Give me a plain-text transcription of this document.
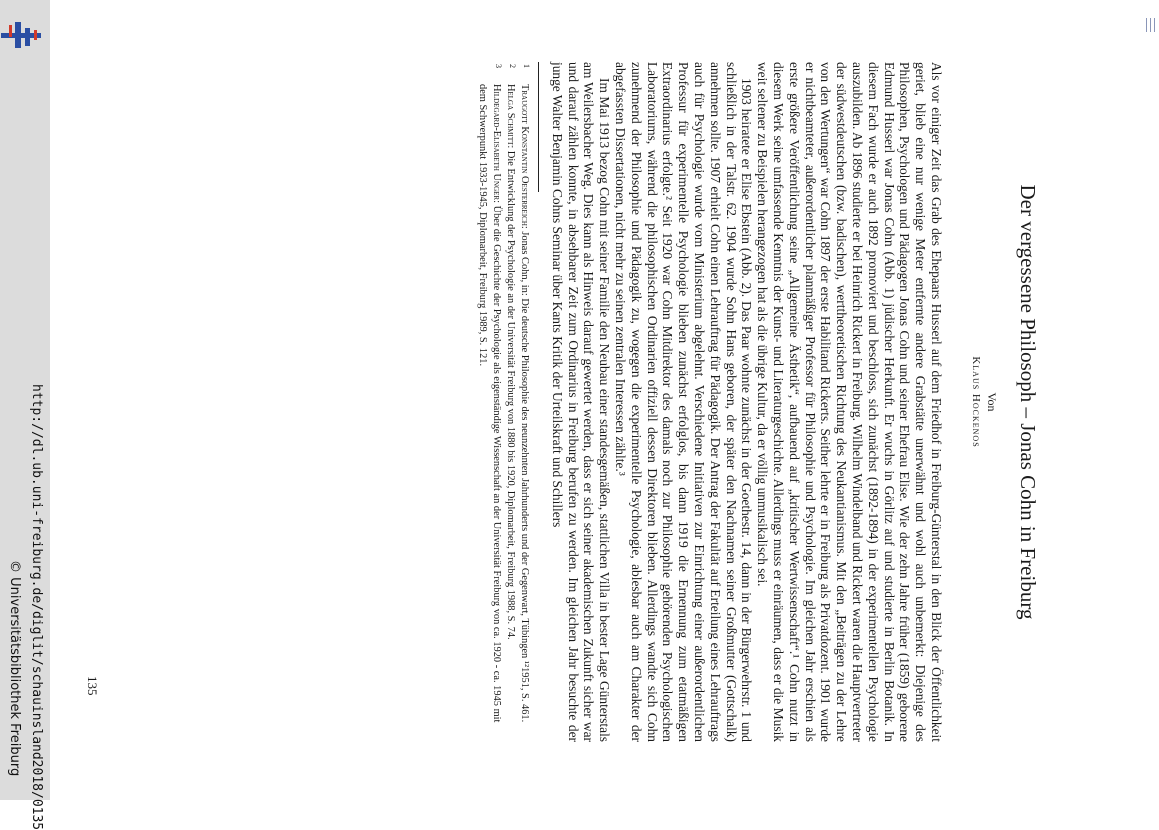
http://dl.ub.uni-freiburg.de/diglit/schauinsland2018/0135
© Universitätsbibliothek Freiburg
Der vergessene Philosoph – Jonas Cohn in Freiburg
Von
Klaus Hockenos

Als vor einiger Zeit das Grab des Ehepaars Husserl auf dem Friedhof in Freiburg-Günterstal in den Blick der Öffentlichkeit geriet, blieb eine nur wenige Meter entfernte andere Grabstätte unerwähnt und wohl auch unbemerkt: Diejenige des Philosophen, Psychologen und Pädagogen Jonas Cohn und seiner Ehefrau Elise. Wie der zehn Jahre früher (1859) geborene Edmund Husserl war Jonas Cohn (Abb. 1) jüdischer Herkunft. Er wuchs in Görlitz auf und studierte in Berlin Botanik. In diesem Fach wurde er auch 1892 promoviert und beschloss, sich zunächst (1892-1894) in der experimentellen Psychologie auszubilden. Ab 1896 studierte er bei Heinrich Rickert in Freiburg. Wilhelm Windelband und Rickert waren die Hauptvertreter der südwestdeutschen (bzw. badischen), werttheoretischen Richtung des Neukantianismus. Mit den „Beiträgen zu der Lehre von den Wertungen“ war Cohn 1897 der erste Habilitand Rickerts. Seither lehrte er in Freiburg als Privatdozent. 1901 wurde er nichtbeamteter, außerordentlicher planmäßiger Professor für Philosophie und Psychologie. Im gleichen Jahr erschien als erste größere Veröffentlichung seine „Allgemeine Ästhetik“, aufbauend auf „kritischer Wertwissenschaft“.¹ Cohn nutzt in diesem Werk seine umfassende Kenntnis der Kunst- und Literaturgeschichte. Allerdings muss er einräumen, dass er die Musik weit seltener zu Beispielen herangezogen hat als die übrige Kultur, da er völlig unmusikalisch sei.

1903 heiratete er Elise Ebstein (Abb. 2). Das Paar wohnte zunächst in der Goethestr. 14, dann in der Bürgerwehrstr. 1 und schließlich in der Talstr. 62. 1904 wurde Sohn Hans geboren, der später den Nachnamen seiner Großmutter (Gottschalk) annehmen sollte. 1907 erhielt Cohn einen Lehrauftrag für Pädagogik. Der Antrag der Fakultät auf Erteilung eines Lehrauftrags auch für Psychologie wurde vom Ministerium abgelehnt. Verschiedene Initiativen zur Einrichtung einer außerordentlichen Professur für experimentelle Psychologie blieben zunächst erfolglos, bis dann 1919 die Ernennung zum etatmäßigen Extraordinarius erfolgte.² Seit 1920 war Cohn Mitdirektor des damals noch zur Philosophie gehörenden Psychologischen Laboratoriums, während die philosophischen Ordinarien offiziell dessen Direktoren blieben. Allerdings wandte sich Cohn zunehmend der Philosophie und Pädagogik zu, wogegen die experimentelle Psychologie, ablesbar auch am Charakter der abgefassten Dissertationen, nicht mehr zu seinen zentralen Interessen zählte.³

Im Mai 1913 bezog Cohn mit seiner Familie den Neubau einer standesgemäßen, stattlichen Villa in bester Lage Günterstals am Weilersbacher Weg. Dies kann als Hinweis darauf gewertet werden, dass er sich seiner akademischen Zukunft sicher war und darauf zählen konnte, in absehbarer Zeit zum Ordinarius in Freiburg berufen zu werden. Im gleichen Jahr besuchte der junge Walter Benjamin Cohns Seminar über Kants Kritik der Urteilskraft und Schillers

1
Traugott Konstantin Oesterreich: Jonas Cohn, in: Die deutsche Philosophie des neunzehnten Jahrhunderts und der Gegenwart, Tübingen ¹²1951, S. 461.
2
Helga Schmitt: Die Entwicklung der Psychologie an der Universität Freiburg von 1880 bis 1920, Diplomarbeit, Freiburg 1988, S. 74.
3
Hildegard-Elisabeth Unger: Über die Geschichte der Psychologie als eigenständige Wissenschaft an der Universität Freiburg von ca. 1920 - ca. 1945 mit dem Schwerpunkt 1933-1945, Diplomarbeit, Freiburg 1989, S. 121.
135
